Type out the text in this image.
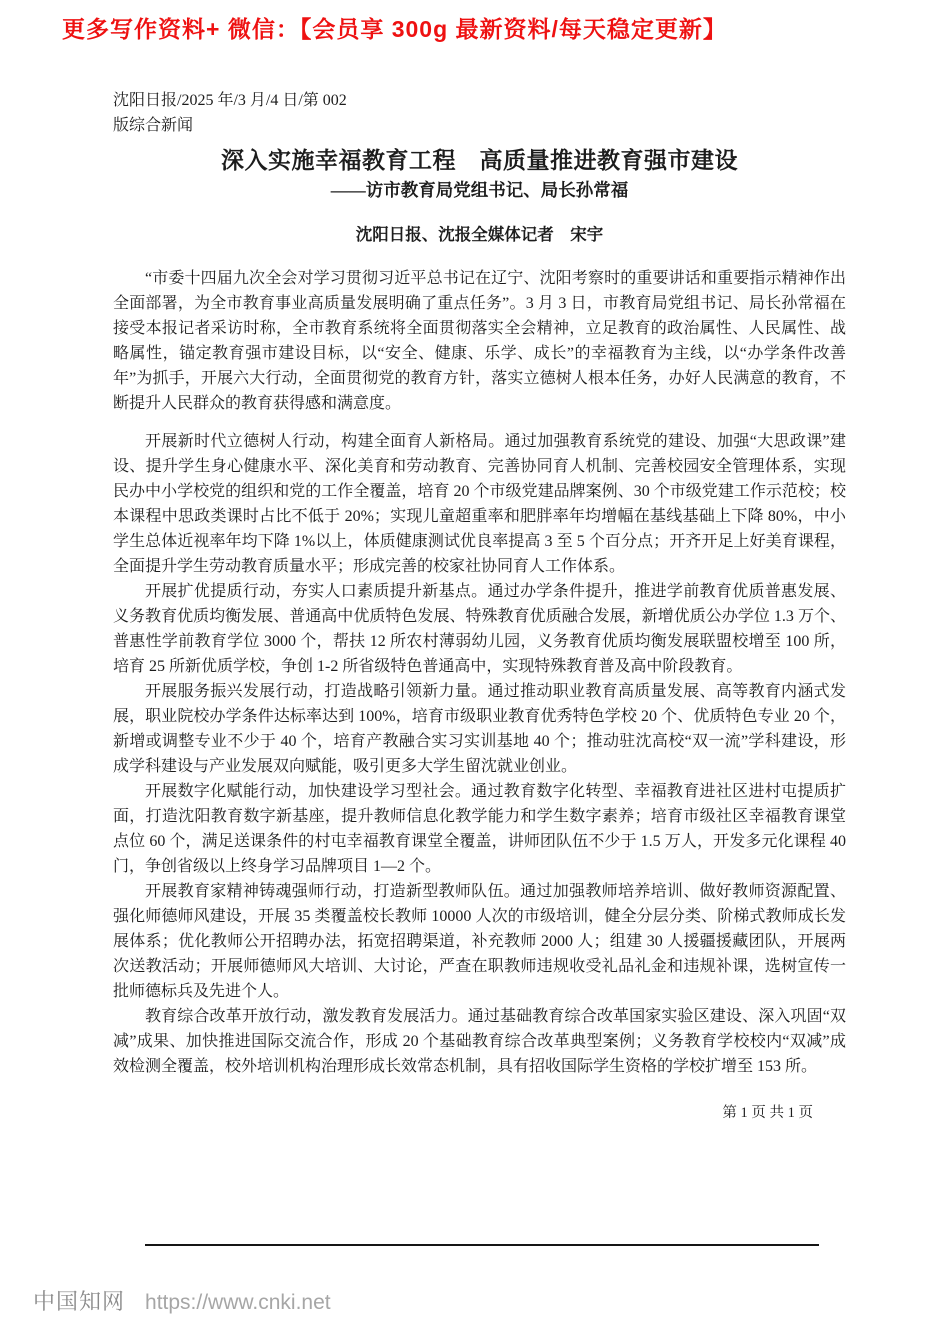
更多写作资料+ 微信：【会员享 300g 最新资料/每天稳定更新】
沈阳日报/2025 年/3 月/4 日/第 002
版综合新闻
深入实施幸福教育工程　高质量推进教育强市建设
——访市教育局党组书记、局长孙常福
沈阳日报、沈报全媒体记者　宋宇

“市委十四届九次全会对学习贯彻习近平总书记在辽宁、沈阳考察时的重要讲话和重要指示精神作出全面部署，为全市教育事业高质量发展明确了重点任务”。3 月 3 日，市教育局党组书记、局长孙常福在接受本报记者采访时称，全市教育系统将全面贯彻落实全会精神，立足教育的政治属性、人民属性、战略属性，锚定教育强市建设目标，以“安全、健康、乐学、成长”的幸福教育为主线，以“办学条件改善年”为抓手，开展六大行动，全面贯彻党的教育方针，落实立德树人根本任务，办好人民满意的教育，不断提升人民群众的教育获得感和满意度。

开展新时代立德树人行动，构建全面育人新格局。通过加强教育系统党的建设、加强“大思政课”建设、提升学生身心健康水平、深化美育和劳动教育、完善协同育人机制、完善校园安全管理体系，实现民办中小学校党的组织和党的工作全覆盖，培育 20 个市级党建品牌案例、30 个市级党建工作示范校；校本课程中思政类课时占比不低于 20%；实现儿童超重率和肥胖率年均增幅在基线基础上下降 80%，中小学生总体近视率年均下降 1%以上，体质健康测试优良率提高 3 至 5 个百分点；开齐开足上好美育课程，全面提升学生劳动教育质量水平；形成完善的校家社协同育人工作体系。

开展扩优提质行动，夯实人口素质提升新基点。通过办学条件提升，推进学前教育优质普惠发展、义务教育优质均衡发展、普通高中优质特色发展、特殊教育优质融合发展，新增优质公办学位 1.3 万个、普惠性学前教育学位 3000 个，帮扶 12 所农村薄弱幼儿园，义务教育优质均衡发展联盟校增至 100 所，培育 25 所新优质学校，争创 1-2 所省级特色普通高中，实现特殊教育普及高中阶段教育。

开展服务振兴发展行动，打造战略引领新力量。通过推动职业教育高质量发展、高等教育内涵式发展，职业院校办学条件达标率达到 100%，培育市级职业教育优秀特色学校 20 个、优质特色专业 20 个，新增或调整专业不少于 40 个，培育产教融合实习实训基地 40 个；推动驻沈高校“双一流”学科建设，形成学科建设与产业发展双向赋能，吸引更多大学生留沈就业创业。

开展数字化赋能行动，加快建设学习型社会。通过教育数字化转型、幸福教育进社区进村屯提质扩面，打造沈阳教育数字新基座，提升教师信息化教学能力和学生数字素养；培育市级社区幸福教育课堂点位 60 个，满足送课条件的村屯幸福教育课堂全覆盖，讲师团队伍不少于 1.5 万人，开发多元化课程 40 门，争创省级以上终身学习品牌项目 1—2 个。

开展教育家精神铸魂强师行动，打造新型教师队伍。通过加强教师培养培训、做好教师资源配置、强化师德师风建设，开展 35 类覆盖校长教师 10000 人次的市级培训，健全分层分类、阶梯式教师成长发展体系；优化教师公开招聘办法，拓宽招聘渠道，补充教师 2000 人；组建 30 人援疆援藏团队，开展两次送教活动；开展师德师风大培训、大讨论，严查在职教师违规收受礼品礼金和违规补课，选树宣传一批师德标兵及先进个人。

教育综合改革开放行动，激发教育发展活力。通过基础教育综合改革国家实验区建设、深入巩固“双减”成果、加快推进国际交流合作，形成 20 个基础教育综合改革典型案例；义务教育学校校内“双减”成效检测全覆盖，校外培训机构治理形成长效常态机制，具有招收国际学生资格的学校扩增至 153 所。

第 1 页 共 1 页
中国知网 https://www.cnki.net
